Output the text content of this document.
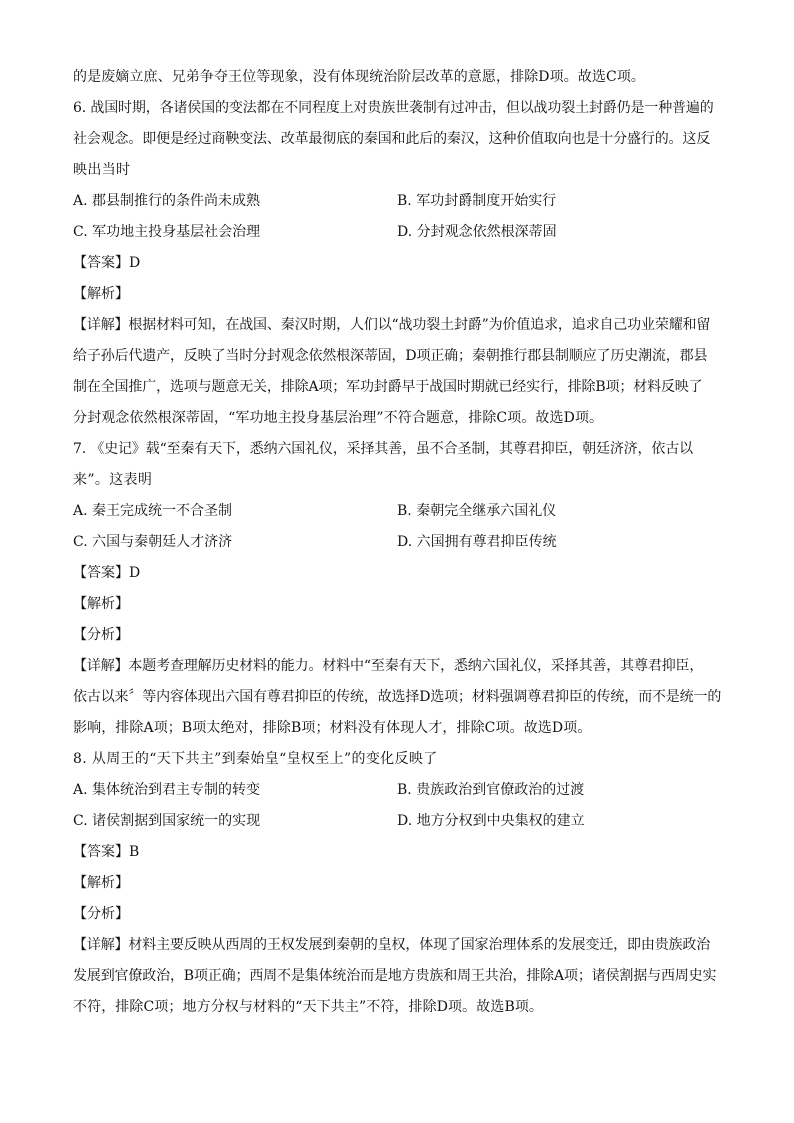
的是废嫡立庶、兄弟争夺王位等现象，没有体现统治阶层改革的意愿，排除D项。故选C项。
6. 战国时期，各诸侯国的变法都在不同程度上对贵族世袭制有过冲击，但以战功裂土封爵仍是一种普遍的
社会观念。即便是经过商鞅变法、改革最彻底的秦国和此后的秦汉，这种价值取向也是十分盛行的。这反
映出当时
A. 郡县制推行的条件尚未成熟	B. 军功封爵制度开始实行
C. 军功地主投身基层社会治理	D. 分封观念依然根深蒂固
【答案】D
【解析】
【详解】根据材料可知，在战国、秦汉时期，人们以“战功裂土封爵”为价值追求，追求自己功业荣耀和留
给子孙后代遗产，反映了当时分封观念依然根深蒂固，D项正确；秦朝推行郡县制顺应了历史潮流，郡县
制在全国推广，选项与题意无关，排除A项；军功封爵早于战国时期就已经实行，排除B项；材料反映了
分封观念依然根深蒂固，“军功地主投身基层治理”不符合题意，排除C项。故选D项。
7. 《史记》载“至秦有天下，悉纳六国礼仪，采择其善，虽不合圣制，其尊君抑臣，朝廷济济，依古以
来”。这表明
A. 秦王完成统一不合圣制	B. 秦朝完全继承六国礼仪
C. 六国与秦朝廷人才济济	D. 六国拥有尊君抑臣传统
【答案】D
【解析】
【分析】
【详解】本题考查理解历史材料的能力。材料中“至秦有天下，悉纳六国礼仪，采择其善，其尊君抑臣，
依古以来〞等内容体现出六国有尊君抑臣的传统，故选择D选项；材料强调尊君抑臣的传统，而不是统一的
影响，排除A项；B项太绝对，排除B项；材料没有体现人才，排除C项。故选D项。
8. 从周王的“天下共主”到秦始皇“皇权至上”的变化反映了
A. 集体统治到君主专制的转变	B. 贵族政治到官僚政治的过渡
C. 诸侯割据到国家统一的实现	D. 地方分权到中央集权的建立
【答案】B
【解析】
【分析】
【详解】材料主要反映从西周的王权发展到秦朝的皇权，体现了国家治理体系的发展变迁，即由贵族政治
发展到官僚政治，B项正确；西周不是集体统治而是地方贵族和周王共治，排除A项；诸侯割据与西周史实
不符，排除C项；地方分权与材料的“天下共主”不符，排除D项。故选B项。
